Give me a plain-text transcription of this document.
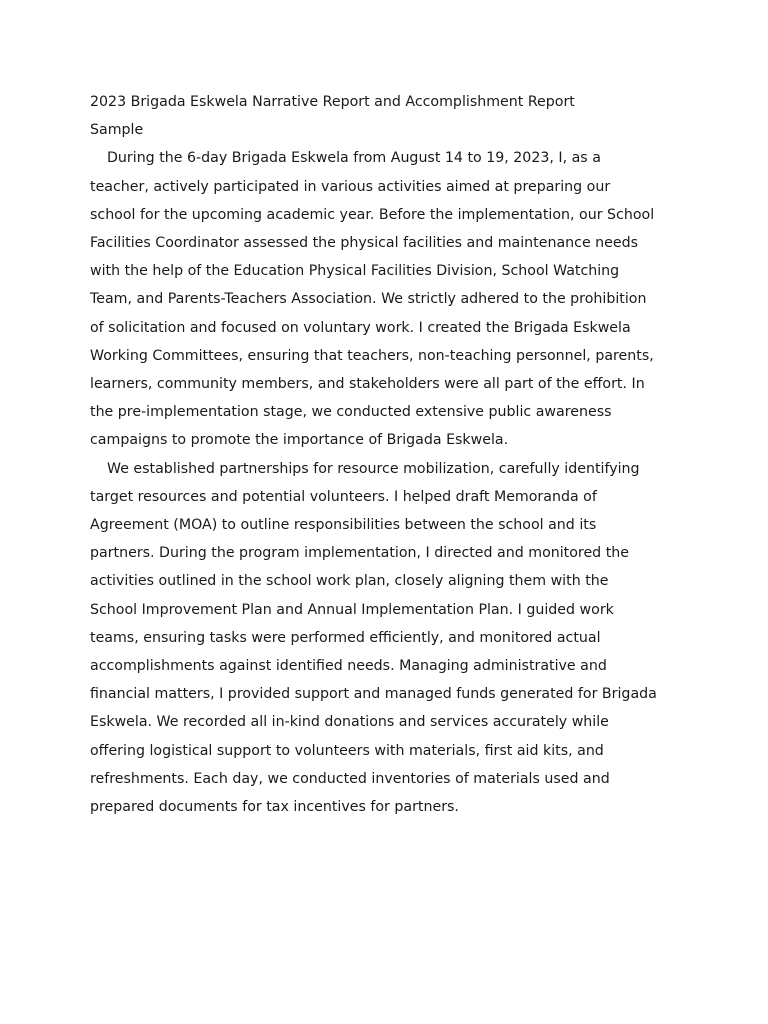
2023 Brigada Eskwela Narrative Report and Accomplishment Report

Sample

During the 6-day Brigada Eskwela from August 14 to 19, 2023, I, as a teacher, actively participated in various activities aimed at preparing our school for the upcoming academic year. Before the implementation, our School Facilities Coordinator assessed the physical facilities and maintenance needs with the help of the Education Physical Facilities Division, School Watching Team, and Parents-Teachers Association. We strictly adhered to the prohibition of solicitation and focused on voluntary work. I created the Brigada Eskwela Working Committees, ensuring that teachers, non-teaching personnel, parents, learners, community members, and stakeholders were all part of the effort. In the pre-implementation stage, we conducted extensive public awareness campaigns to promote the importance of Brigada Eskwela.

We established partnerships for resource mobilization, carefully identifying target resources and potential volunteers. I helped draft Memoranda of Agreement (MOA) to outline responsibilities between the school and its partners. During the program implementation, I directed and monitored the activities outlined in the school work plan, closely aligning them with the School Improvement Plan and Annual Implementation Plan. I guided work teams, ensuring tasks were performed efficiently, and monitored actual accomplishments against identified needs. Managing administrative and financial matters, I provided support and managed funds generated for Brigada Eskwela. We recorded all in-kind donations and services accurately while offering logistical support to volunteers with materials, first aid kits, and refreshments. Each day, we conducted inventories of materials used and prepared documents for tax incentives for partners.
